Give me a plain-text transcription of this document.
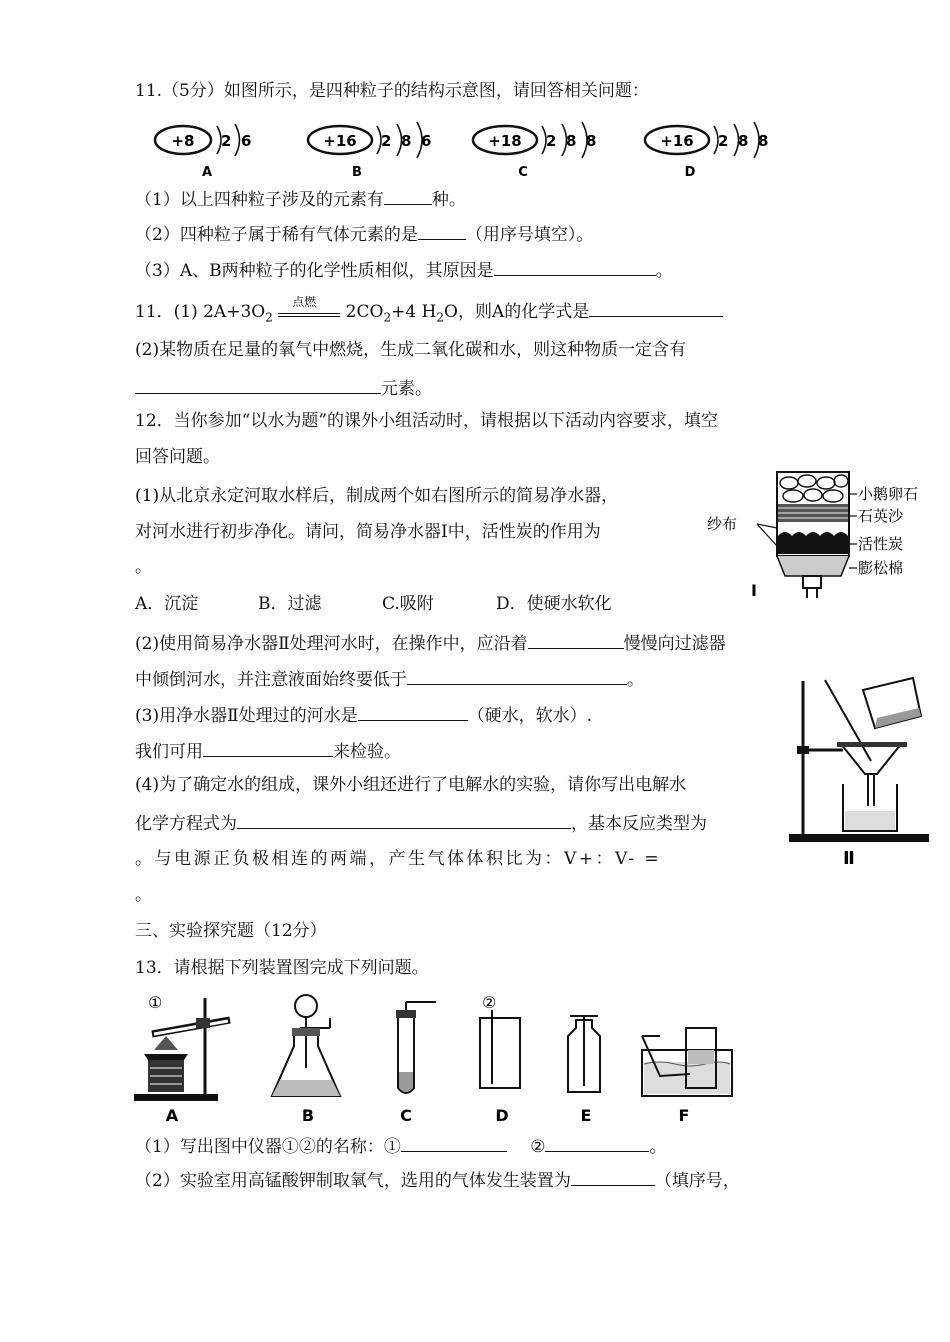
11.（5分）如图所示，是四种粒子的结构示意图，请回答相关问题：
+8 2 6
A
+16 2 8 6
B
+18 2 8 8
C
+16 2 8 8
D
（1）以上四种粒子涉及的元素有	种。
（2）四种粒子属于稀有气体元素的是	（用序号填空）。
（3）A、B两种粒子的化学性质相似，其原因是	。
11．(1) $2A+3O_2$
点燃 $2CO_2+4$ $H_2O$，则A的化学式是
(2)某物质在足量的氧气中燃烧，生成二氧化碳和水，则这种物质一定含有
元素。
12．当你参加“以水为题”的课外小组活动时，请根据以下活动内容要求，填空
回答问题。
(1)从北京永定河取水样后，制成两个如右图所示的简易净水器，
对河水进行初步净化。请问，简易净水器Ⅰ中，活性炭的作用为
。
A．沉淀	B．过滤	C.吸附	D．使硬水软化
(2)使用简易净水器Ⅱ处理河水时，在操作中，应沿着	慢慢向过滤器
中倾倒河水，并注意液面始终要低于	。
(3)用净水器Ⅱ处理过的河水是	（硬水，软水）.
我们可用	来检验。
(4)为了确定水的组成，课外小组还进行了电解水的实验，请你写出电解水
化学方程式为	，基本反应类型为
。与电源正负极相连的两端，产生气体体积比为：V+：V- =
。
小鹅卵石
石英沙
活性炭
膨松棉
纱布
Ⅰ
Ⅱ
三、实验探究题（12分）
13．请根据下列装置图完成下列问题。
①
A	B	C
②
D	E	F
（1）写出图中仪器①②的名称：①	②	。
（2）实验室用高锰酸钾制取氧气，选用的气体发生装置为	（填序号，
